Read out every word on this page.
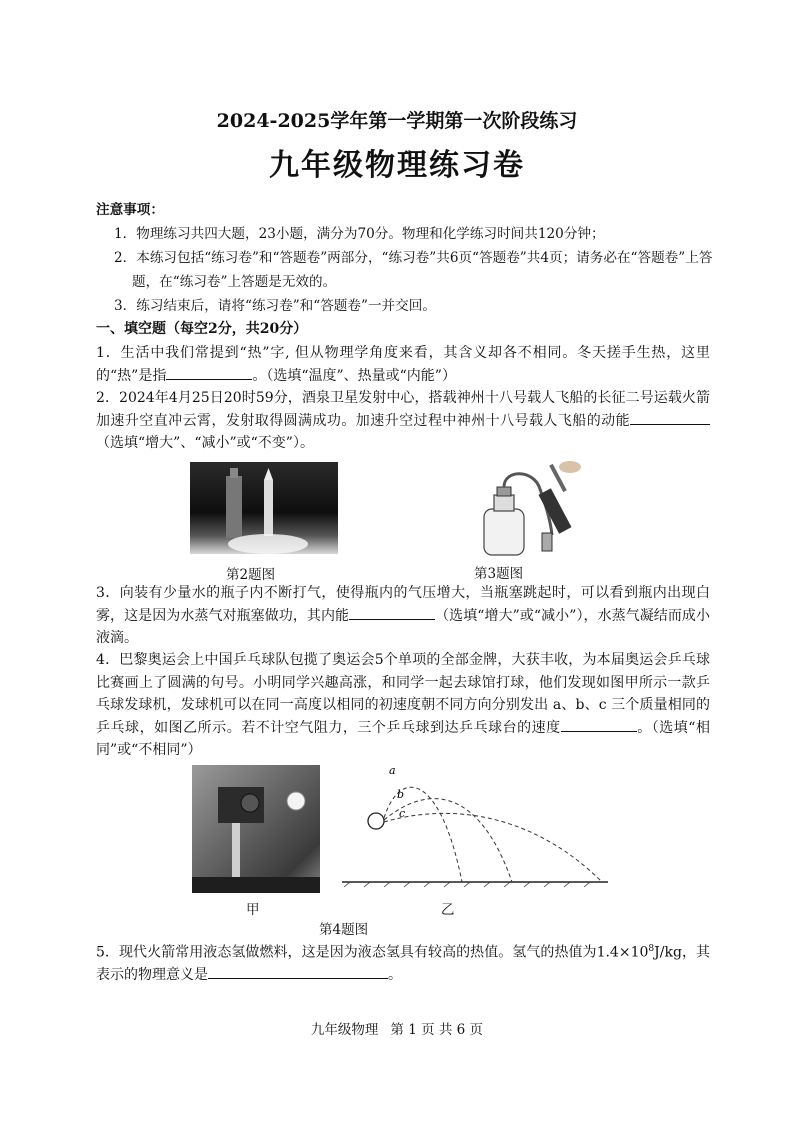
2024-2025学年第一学期第一次阶段练习
九年级物理练习卷
注意事项：
1．物理练习共四大题，23小题，满分为70分。物理和化学练习时间共120分钟；
2．本练习包括“练习卷”和“答题卷”两部分，“练习卷”共6页“答题卷”共4页；请务必在“答题卷”上答题，在“练习卷”上答题是无效的。
3．练习结束后，请将“练习卷”和“答题卷”一并交回。
一、填空题（每空2分，共20分）
1．生活中我们常提到“热”字, 但从物理学角度来看，其含义却各不相同。冬天搓手生热，这里的“热”是指	。（选填“温度”、热量或“内能”）
2．2024年4月25日20时59分，酒泉卫星发射中心，搭载神州十八号载人飞船的长征二号运载火箭加速升空直冲云霄，发射取得圆满成功。加速升空过程中神州十八号载人飞船的动能（选填“增大”、“减小”或“不变”）。
第2题图	第3题图
3．向装有少量水的瓶子内不断打气，使得瓶内的气压增大，当瓶塞跳起时，可以看到瓶内出现白雾，这是因为水蒸气对瓶塞做功，其内能	（选填“增大”或“减小”），水蒸气凝结而成小液滴。
4．巴黎奥运会上中国乒乓球队包揽了奥运会5个单项的全部金牌，大获丰收，为本届奥运会乒乓球比赛画上了圆满的句号。小明同学兴趣高涨，和同学一起去球馆打球，他们发现如图甲所示一款乒乓球发球机，发球机可以在同一高度以相同的初速度朝不同方向分别发出 a、b、c 三个质量相同的乒乓球，如图乙所示。若不计空气阻力，三个乒乓球到达乒乓球台的速度	。（选填“相同”或“不相同”）
甲
a
b
c
乙
第4题图
5．现代火箭常用液态氢做燃料，这是因为液态氢具有较高的热值。氢气的热值为$1.4\times 10^8J/kg$，其表示的物理意义是	。
九年级物理 第 1 页 共 6 页
